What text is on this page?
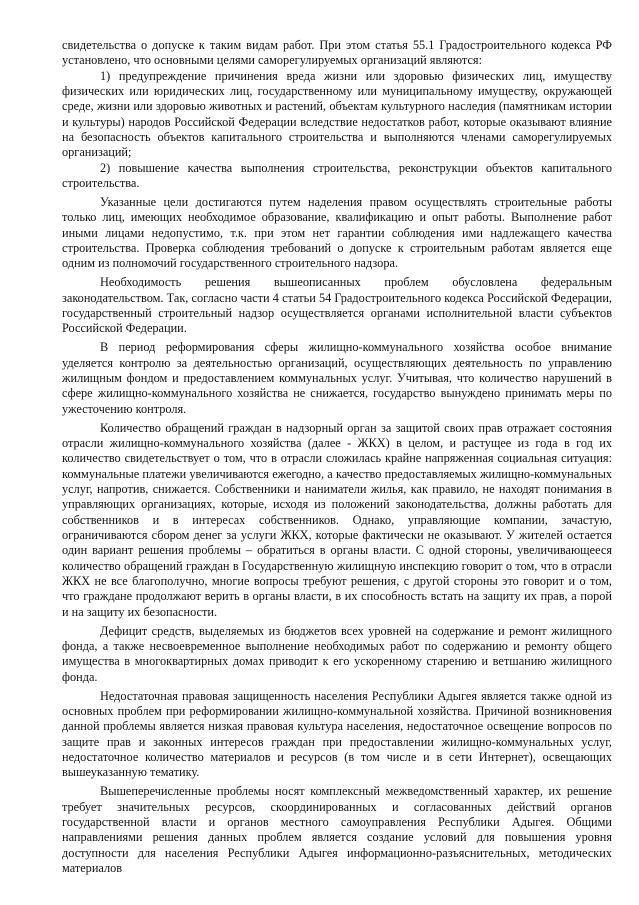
свидетельства о допуске к таким видам работ. При этом статья 55.1 Градостроительного кодекса РФ установлено, что основными целями саморегулируемых организаций являются:

1) предупреждение причинения вреда жизни или здоровью физических лиц, имуществу физических или юридических лиц, государственному или муниципальному имуществу, окружающей среде, жизни или здоровью животных и растений, объектам культурного наследия (памятникам истории и культуры) народов Российской Федерации вследствие недостатков работ, которые оказывают влияние на безопасность объектов капитального строительства и выполняются членами саморегулируемых организаций;

2) повышение качества выполнения строительства, реконструкции объектов капитального строительства.

Указанные цели достигаются путем наделения правом осуществлять строительные работы только лиц, имеющих необходимое образование, квалификацию и опыт работы. Выполнение работ иными лицами недопустимо, т.к. при этом нет гарантии соблюдения ими надлежащего качества строительства. Проверка соблюдения требований о допуске к строительным работам является еще одним из полномочий государственного строительного надзора.

Необходимость решения вышеописанных проблем обусловлена федеральным законодательством. Так, согласно части 4 статьи 54 Градостроительного кодекса Российской Федерации, государственный строительный надзор осуществляется органами исполнительной власти субъектов Российской Федерации.

В период реформирования сферы жилищно-коммунального хозяйства особое внимание уделяется контролю за деятельностью организаций, осуществляющих деятельность по управлению жилищным фондом и предоставлением коммунальных услуг. Учитывая, что количество нарушений в сфере жилищно-коммунального хозяйства не снижается, государство вынуждено принимать меры по ужесточению контроля.

Количество обращений граждан в надзорный орган за защитой своих прав отражает состояния отрасли жилищно-коммунального хозяйства (далее - ЖКХ) в целом, и растущее из года в год их количество свидетельствует о том, что в отрасли сложилась крайне напряженная социальная ситуация: коммунальные платежи увеличиваются ежегодно, а качество предоставляемых жилищно-коммунальных услуг, напротив, снижается. Собственники и наниматели жилья, как правило, не находят понимания в управляющих организациях, которые, исходя из положений законодательства, должны работать для собственников и в интересах собственников. Однако, управляющие компании, зачастую, ограничиваются сбором денег за услуги ЖКХ, которые фактически не оказывают. У жителей остается один вариант решения проблемы – обратиться в органы власти. С одной стороны, увеличивающееся количество обращений граждан в Государственную жилищную инспекцию говорит о том, что в отрасли ЖКХ не все благополучно, многие вопросы требуют решения, с другой стороны это говорит и о том, что граждане продолжают верить в органы власти, в их способность встать на защиту их прав, а порой и на защиту их безопасности.

Дефицит средств, выделяемых из бюджетов всех уровней на содержание и ремонт жилищного фонда, а также несвоевременное выполнение необходимых работ по содержанию и ремонту общего имущества в многоквартирных домах приводит к его ускоренному старению и ветшанию жилищного фонда.

Недостаточная правовая защищенность населения Республики Адыгея является также одной из основных проблем при реформировании жилищно-коммунальной хозяйства. Причиной возникновения данной проблемы является низкая правовая культура населения, недостаточное освещение вопросов по защите прав и законных интересов граждан при предоставлении жилищно-коммунальных услуг, недостаточное количество материалов и ресурсов (в том числе и в сети Интернет), освещающих вышеуказанную тематику.

Вышеперечисленные проблемы носят комплексный межведомственный характер, их решение требует значительных ресурсов, скоординированных и согласованных действий органов государственной власти и органов местного самоуправления Республики Адыгея. Общими направлениями решения данных проблем является создание условий для повышения уровня доступности для населения Республики Адыгея информационно-разъяснительных, методических материалов
